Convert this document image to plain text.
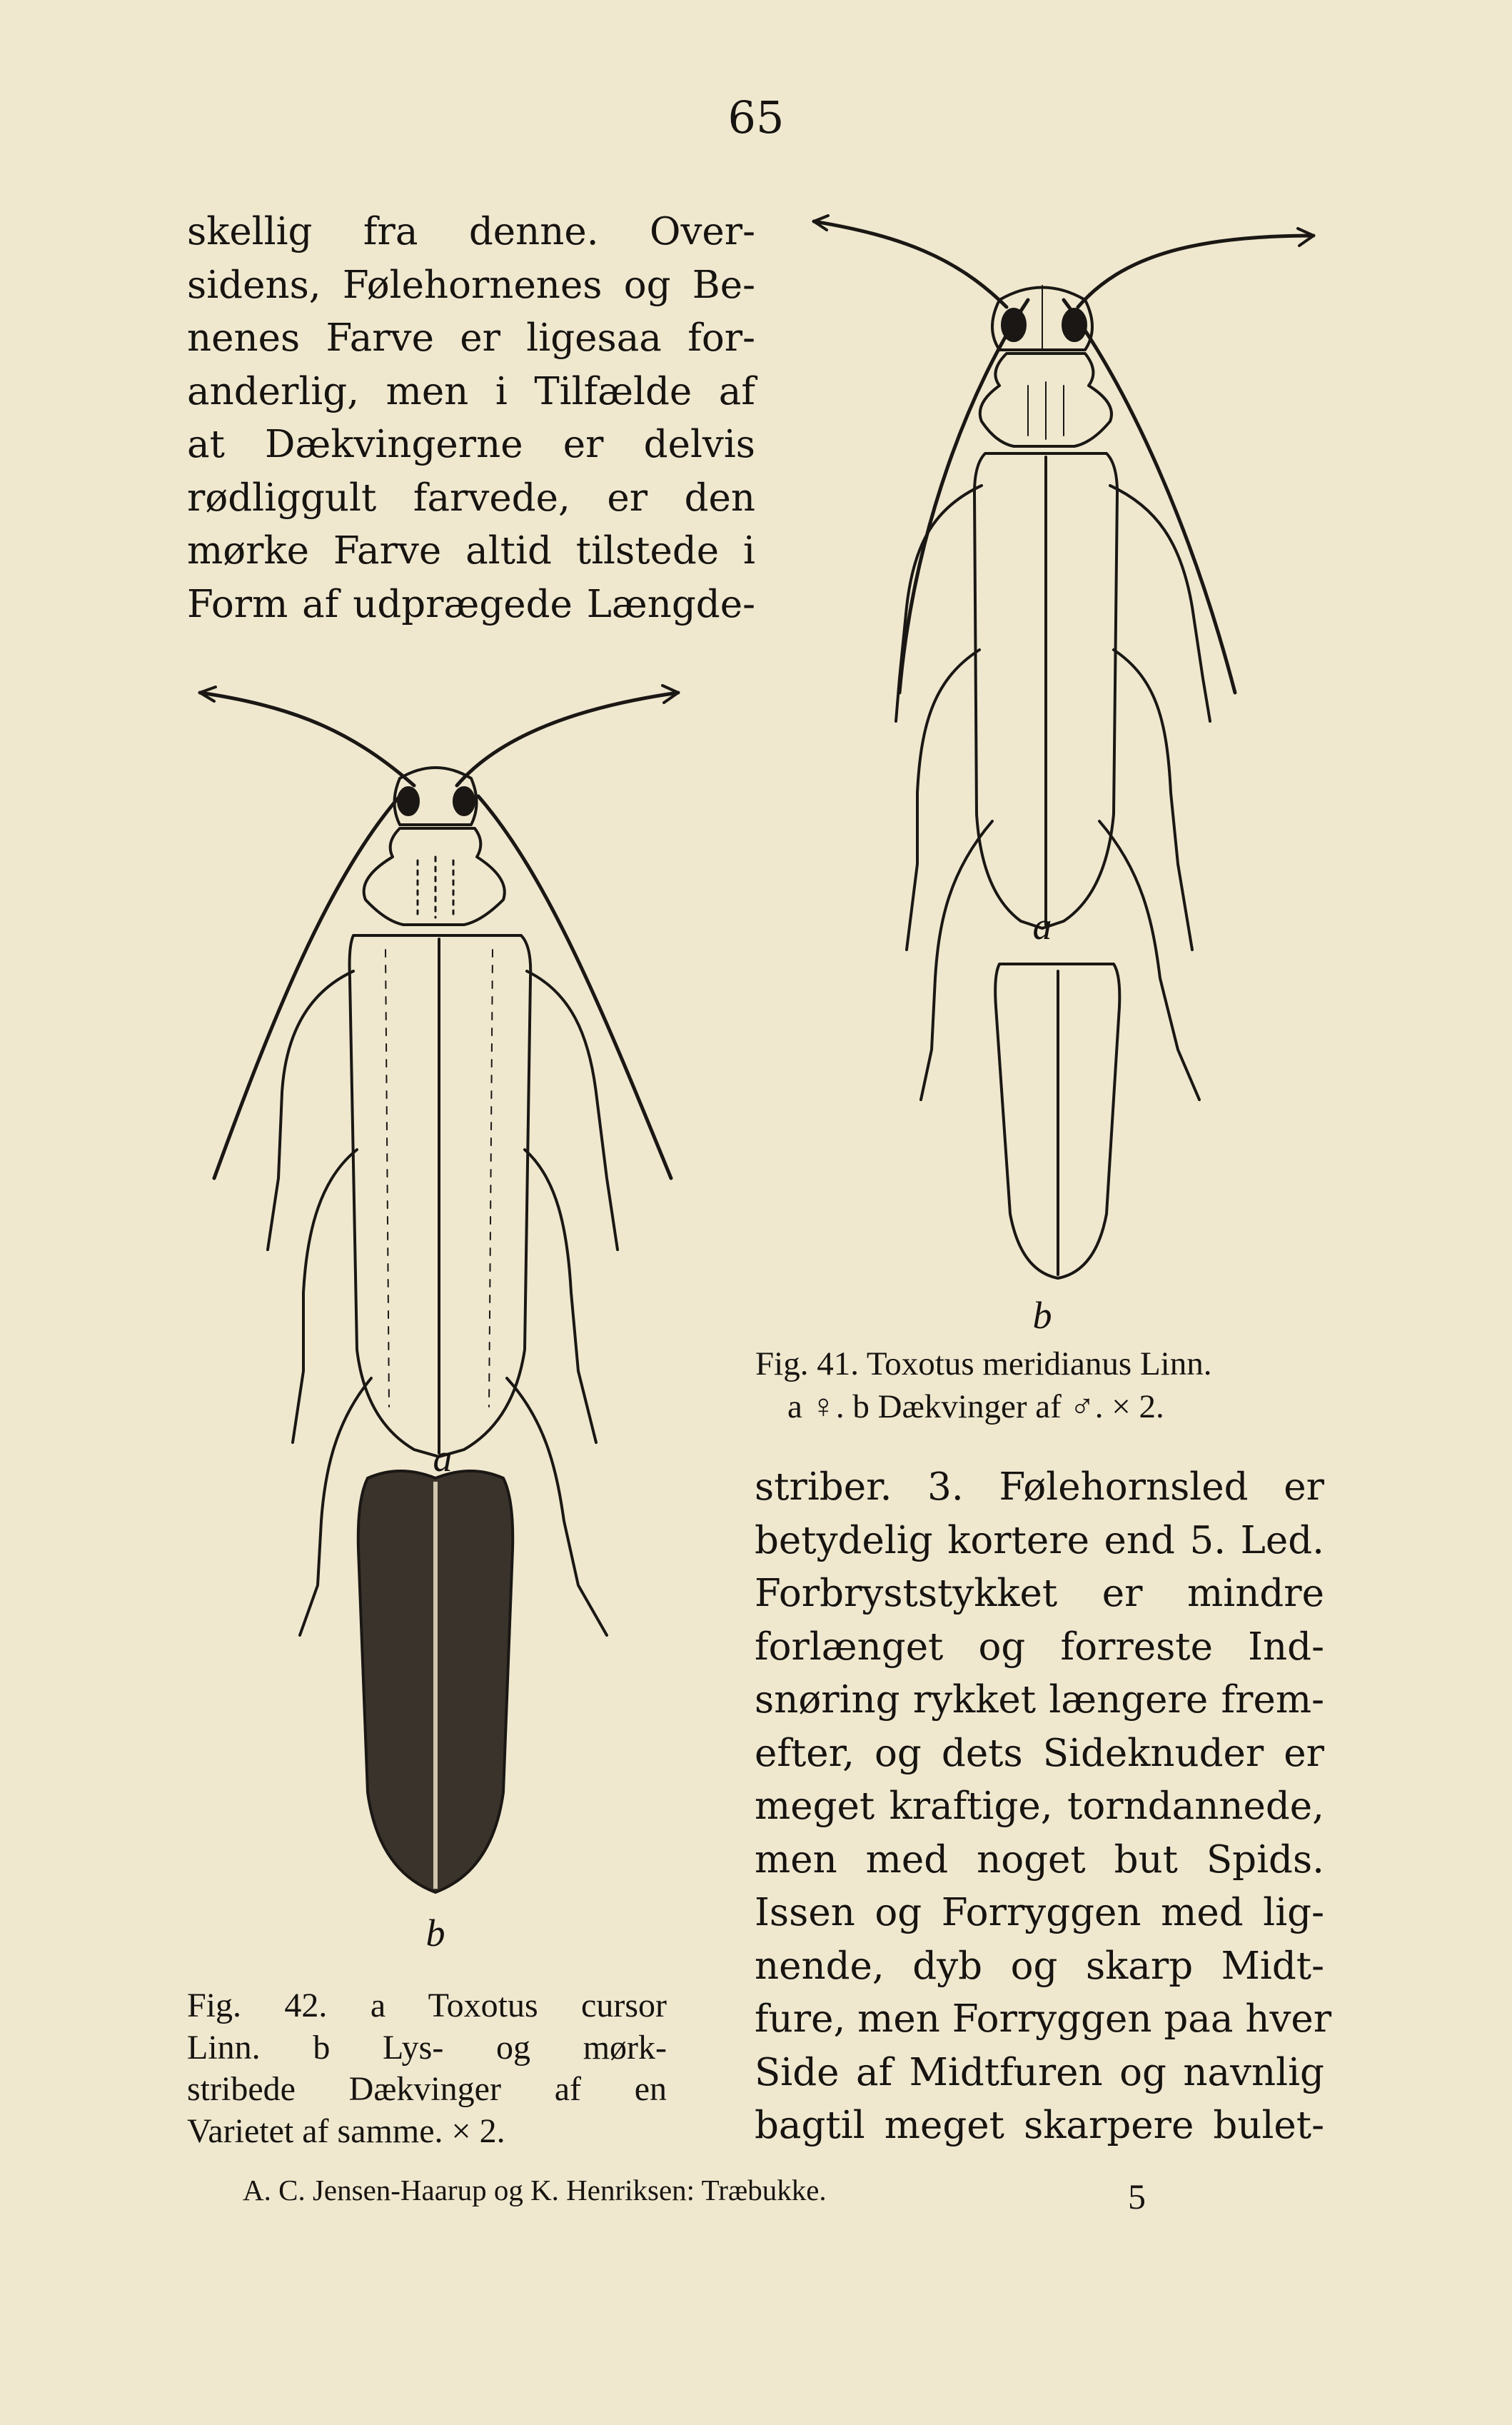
65
skellig fra denne. Over-
sidens, Følehornenes og Be-
nenes Farve er ligesaa for-
anderlig, men i Tilfælde af
at Dækvingerne er delvis
rødliggult farvede, er den
mørke Farve altid tilstede i
Form af udprægede Længde-
a
b
Fig. 41. Toxotus meridianus Linn.
a ♀. b Dækvinger af ♂. × 2.
a
b
striber. 3. Følehornsled er
betydelig kortere end 5. Led.
Forbryststykket er mindre
forlænget og forreste Ind-
snøring rykket længere frem-
efter, og dets Sideknuder er
meget kraftige, torndannede,
men med noget but Spids.
Issen og Forryggen med lig-
nende, dyb og skarp Midt-
fure, men Forryggen paa hver
Side af Midtfuren og navnlig
bagtil meget skarpere bulet-
Fig. 42. a Toxotus cursor
Linn. b Lys- og mørk-
stribede Dækvinger af en
Varietet af samme. × 2.
A. C. Jensen-Haarup og K. Henriksen: Træbukke.	5
